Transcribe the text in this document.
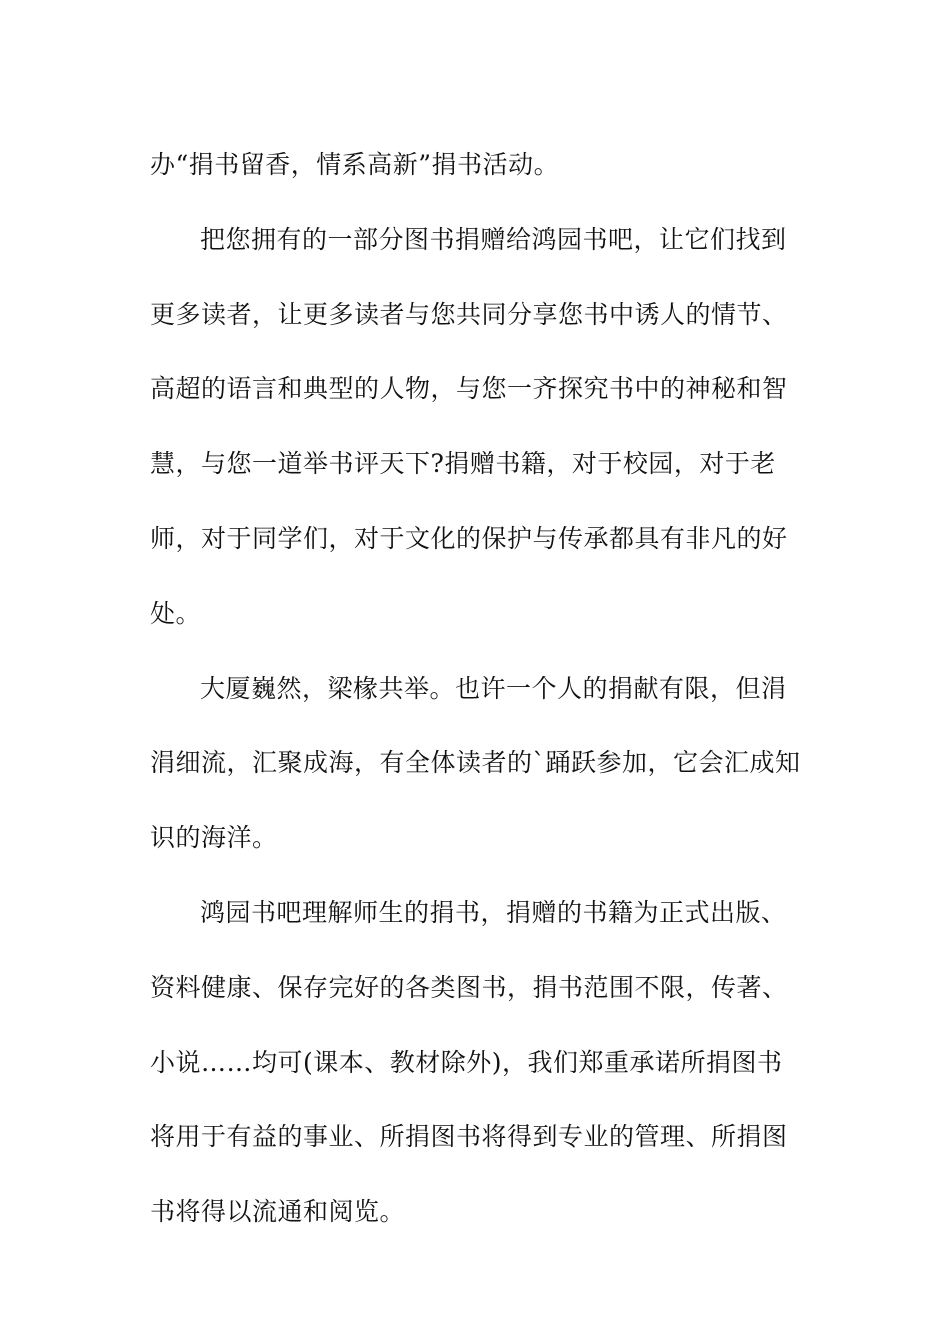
办“捐书留香，情系高新”捐书活动。
把您拥有的一部分图书捐赠给鸿园书吧，让它们找到
更多读者，让更多读者与您共同分享您书中诱人的情节、
高超的语言和典型的人物，与您一齐探究书中的神秘和智
慧，与您一道举书评天下?捐赠书籍，对于校园，对于老
师，对于同学们，对于文化的保护与传承都具有非凡的好
处。
大厦巍然，梁椽共举。也许一个人的捐献有限，但涓
涓细流，汇聚成海，有全体读者的`踊跃参加，它会汇成知
识的海洋。
鸿园书吧理解师生的捐书，捐赠的书籍为正式出版、
资料健康、保存完好的各类图书，捐书范围不限，传著、
小说……均可(课本、教材除外)，我们郑重承诺所捐图书
将用于有益的事业、所捐图书将得到专业的管理、所捐图
书将得以流通和阅览。
